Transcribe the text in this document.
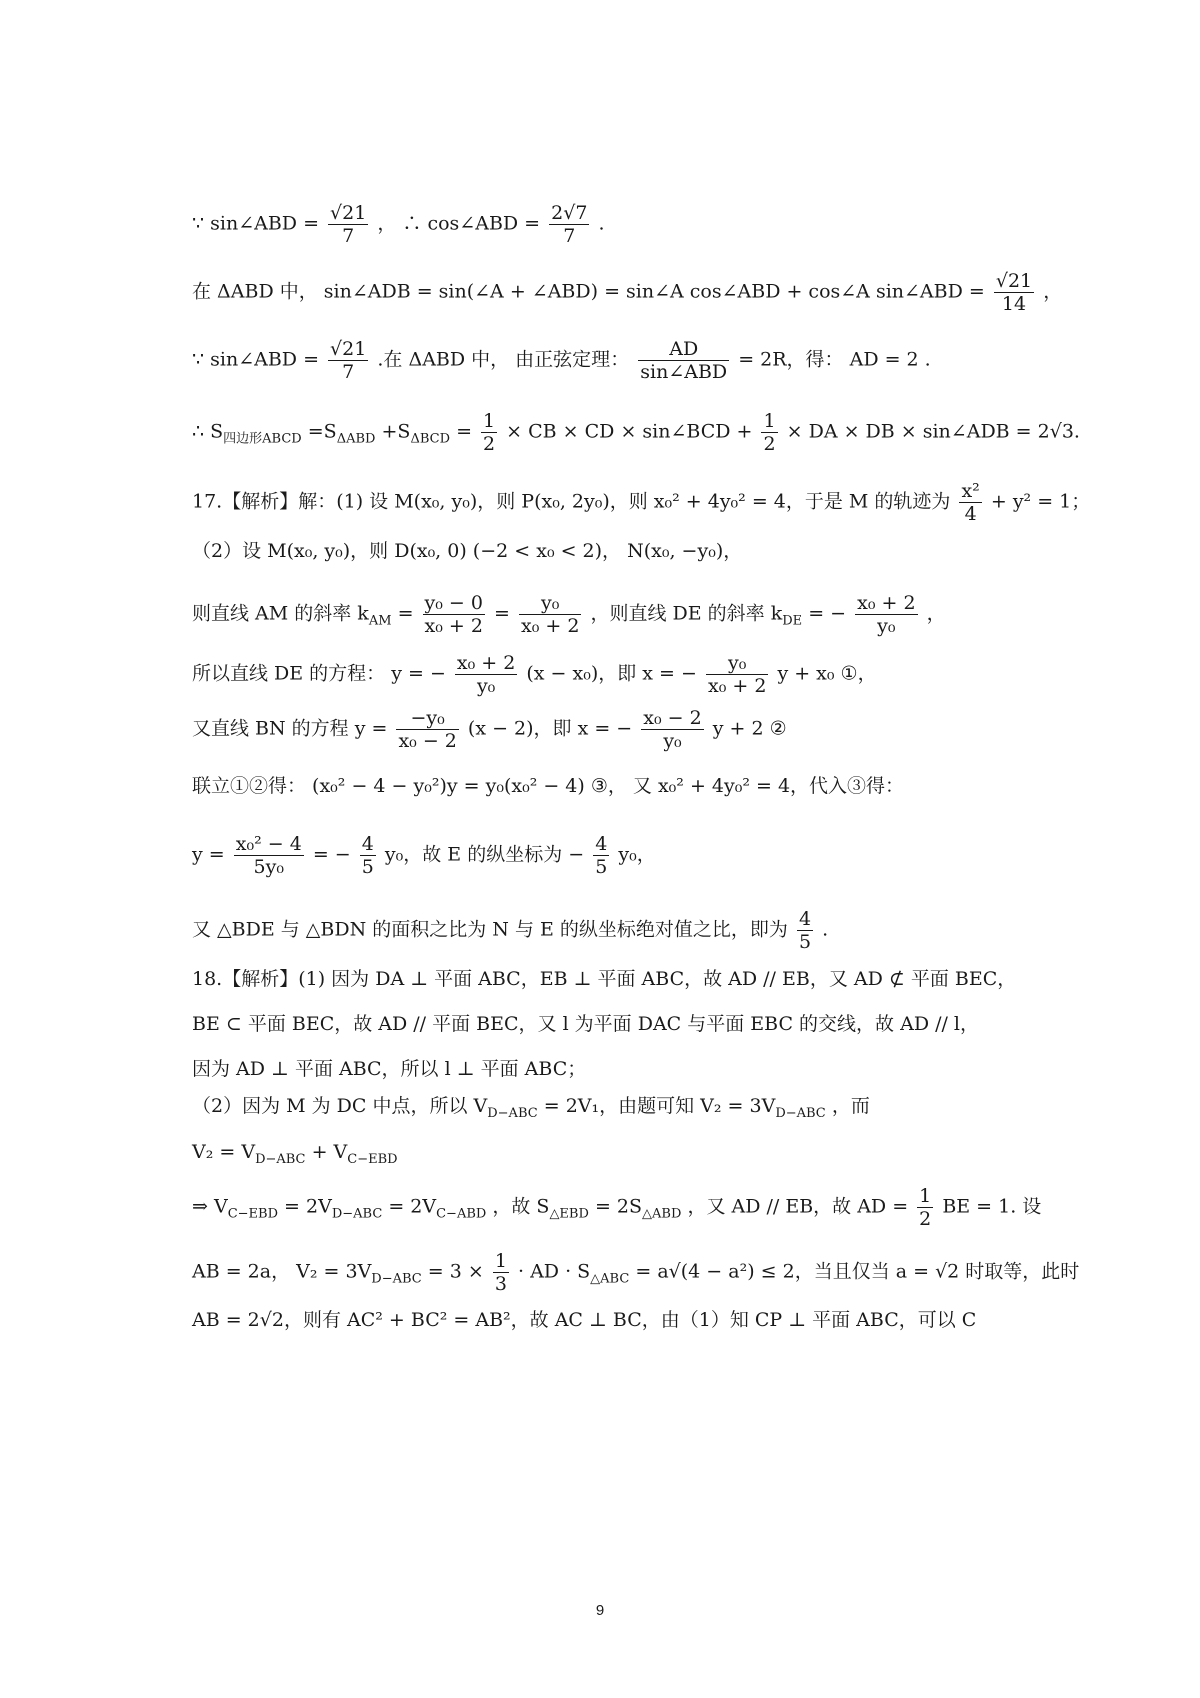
∵ sin∠ABD = $\frac{√21}{7}$ ， ∴ cos∠ABD = $\frac{2√7}{7}$ .
在 ΔABD 中， sin∠ADB = sin(∠A + ∠ABD) = sin∠A cos∠ABD + cos∠A sin∠ABD = $\frac{√21}{14}$ ，
∵ sin∠ABD = $\frac{√21}{7}$ .在 ΔABD 中， 由正弦定理： $\frac{AD}{\text{sin∠ABD}} = 2R$，得： AD = 2 .
∴ $S_{四边形ABCD} =S_{\Delta ABD} +S_{\Delta BCD} = \frac{1}{2}$ × CB × CD × sin∠BCD + $\frac{1}{2}$ × DA × DB × sin∠ADB = 2√3.
17.【解析】解：(1) 设 M(x₀, y₀)，则 P(x₀, 2y₀)，则 x₀² + 4y₀² = 4，于是 M 的轨迹为 $\frac{\text{x²}}{4} + y^2 = 1$；
（2）设 M(x₀, y₀)，则 D(x₀, 0) (−2 < x₀ < 2)， N(x₀, −y₀)，
则直线 AM 的斜率 $k_{AM} = \frac{\text{y₀ − 0}}{\text{x₀ + 2}} = \frac{\text{y₀}}{\text{x₀ + 2}}$ ，则直线 DE 的斜率 $k_{DE}$ = − $\frac{\text{x₀ + 2}}{\text{y₀}}$ ，
所以直线 DE 的方程： y = − $\frac{\text{x₀ + 2}}{\text{y₀}} (x - x_0)$，即 x = − $\frac{\text{y₀}}{\text{x₀ + 2}}$ y + x₀ ①，
又直线 BN 的方程 $y = \frac{\text{−y₀}}{\text{x₀ − 2}} (x - 2)$，即 x = − $\frac{\text{x₀ − 2}}{\text{y₀}}$ y + 2 ②
联立①②得： (x₀² − 4 − y₀²)y = y₀(x₀² − 4) ③， 又 x₀² + 4y₀² = 4，代入③得：
$y = \frac{\text{x₀² − 4}}{\text{5y₀}}$ = − $\frac{4}{5} y_0$，故 E 的纵坐标为 − $\frac{4}{5} y_0$，
又 △BDE 与 △BDN 的面积之比为 N 与 E 的纵坐标绝对值之比，即为 $\frac{4}{5}$ .
18.【解析】(1) 因为 DA ⊥ 平面 ABC，EB ⊥ 平面 ABC，故 AD // EB，又 AD ⊄ 平面 BEC，
BE ⊂ 平面 BEC，故 AD // 平面 BEC，又 l 为平面 DAC 与平面 EBC 的交线，故 AD // l，
因为 AD ⊥ 平面 ABC，所以 l ⊥ 平面 ABC；
（2）因为 M 为 DC 中点，所以 $V_{D-ABC} = 2V_1$，由题可知 $V_2 = 3V_{D-ABC}$ ，而
$V_2 = V_{D-ABC} + V_{C-EBD}$
⇒ $V_{C-EBD} = 2V_{D-ABC} = 2V_{C-ABD}$ ，故 $S_{\triangle EBD} = 2S_{\triangle ABD}$ ，又 AD // EB，故 AD = $\frac{1}{2}$ BE = 1. 设
AB = 2a， $V_2 = 3V_{D-ABC} = 3 \times \frac{1}{3}$ · AD · $S_{\triangle ABC} = a√(4 - a^2) \le 2$，当且仅当 a = √2 时取等，此时
AB = 2√2，则有 AC² + BC² = AB²，故 AC ⊥ BC，由（1）知 CP ⊥ 平面 ABC，可以 C
9
